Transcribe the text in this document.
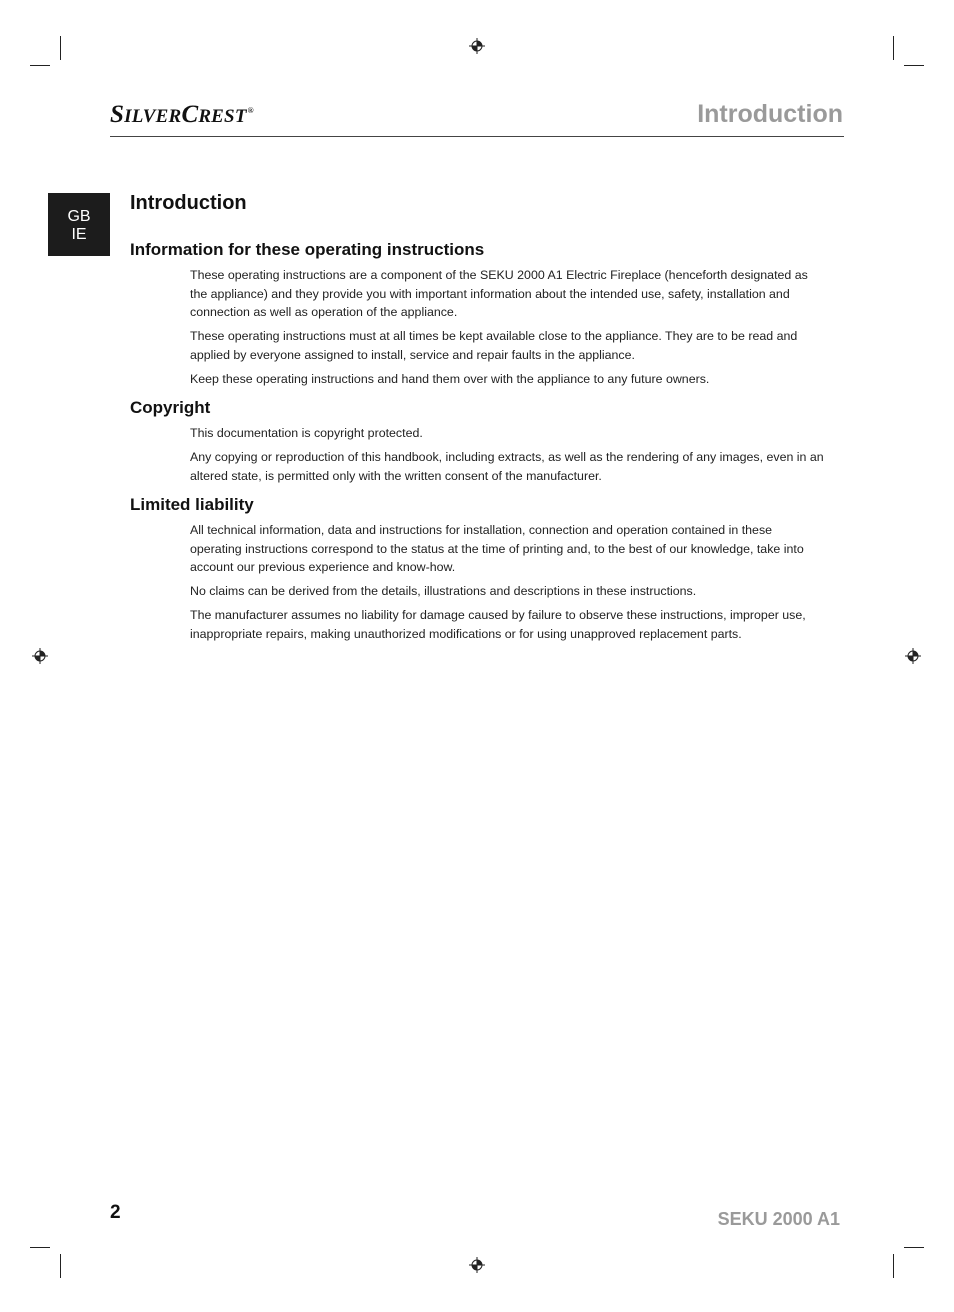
SILVERCREST®	Introduction
GB
IE
Introduction
Information for these operating instructions

These operating instructions are a component of the SEKU 2000 A1 Electric Fireplace (henceforth designated as the appliance) and they provide you with important information about the intended use, safety, installation and connection as well as operation of the appliance.

These operating instructions must at all times be kept available close to the appliance. They are to be read and applied by everyone assigned to install, service and repair faults in the appliance.

Keep these operating instructions and hand them over with the appliance to any future owners.

Copyright

This documentation is copyright protected.

Any copying or reproduction of this handbook, including extracts, as well as the rendering of any images, even in an altered state, is permitted only with the written consent of the manufacturer.

Limited liability

All technical information, data and instructions for installation, connection and operation contained in these operating instructions correspond to the status at the time of printing and, to the best of our knowledge, take into account our previous experience and know-how.

No claims can be derived from the details, illustrations and descriptions in these instructions.

The manufacturer assumes no liability for damage caused by failure to observe these instructions, improper use, inappropriate repairs, making unauthorized modifications or for using unapproved replacement parts.

2	SEKU 2000 A1
